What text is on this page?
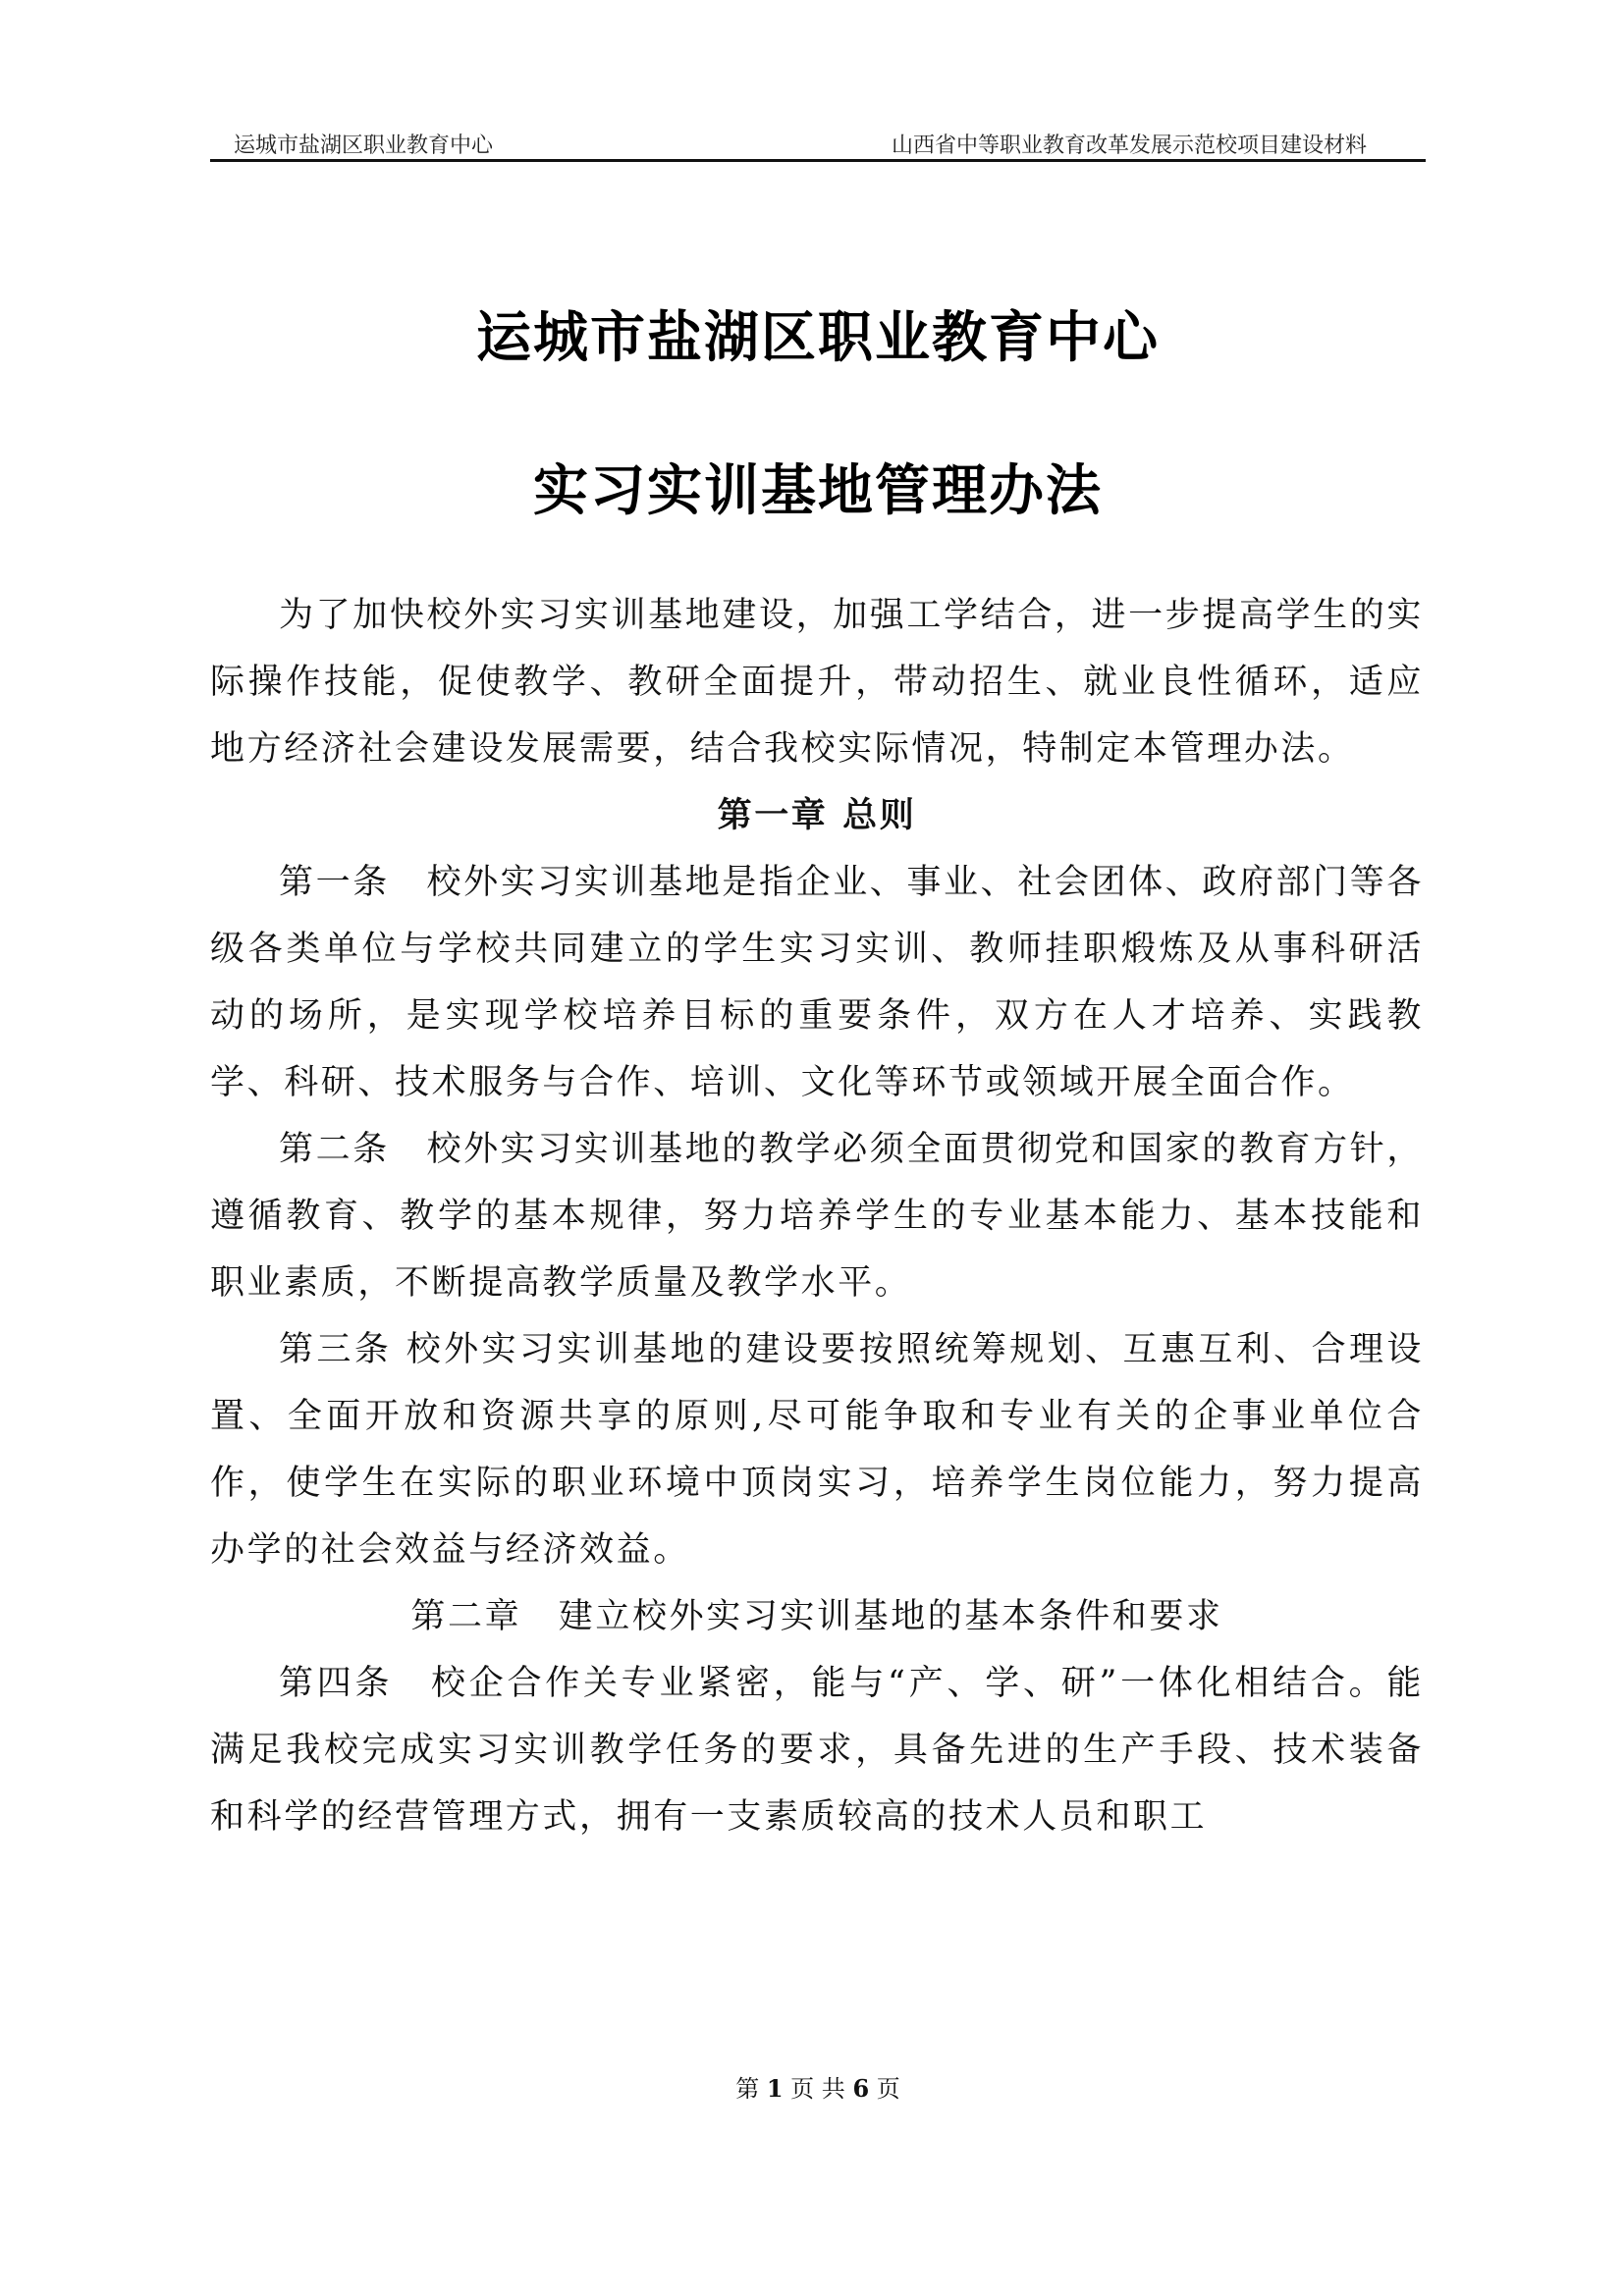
运城市盐湖区职业教育中心	山西省中等职业教育改革发展示范校项目建设材料
运城市盐湖区职业教育中心
实习实训基地管理办法

为了加快校外实习实训基地建设，加强工学结合，进一步提高学生的实际操作技能，促使教学、教研全面提升，带动招生、就业良性循环，适应地方经济社会建设发展需要，结合我校实际情况，特制定本管理办法。

第一章 总则

第一条　校外实习实训基地是指企业、事业、社会团体、政府部门等各级各类单位与学校共同建立的学生实习实训、教师挂职煅炼及从事科研活动的场所，是实现学校培养目标的重要条件，双方在人才培养、实践教学、科研、技术服务与合作、培训、文化等环节或领域开展全面合作。

第二条　校外实习实训基地的教学必须全面贯彻党和国家的教育方针，遵循教育、教学的基本规律，努力培养学生的专业基本能力、基本技能和职业素质，不断提高教学质量及教学水平。

第三条 校外实习实训基地的建设要按照统筹规划、互惠互利、合理设置、全面开放和资源共享的原则,尽可能争取和专业有关的企事业单位合作，使学生在实际的职业环境中顶岗实习，培养学生岗位能力，努力提高办学的社会效益与经济效益。

第二章　建立校外实习实训基地的基本条件和要求

第四条　校企合作关专业紧密，能与“产、学、研”一体化相结合。能满足我校完成实习实训教学任务的要求，具备先进的生产手段、技术装备和科学的经营管理方式，拥有一支素质较高的技术人员和职工

第 1 页 共 6 页
